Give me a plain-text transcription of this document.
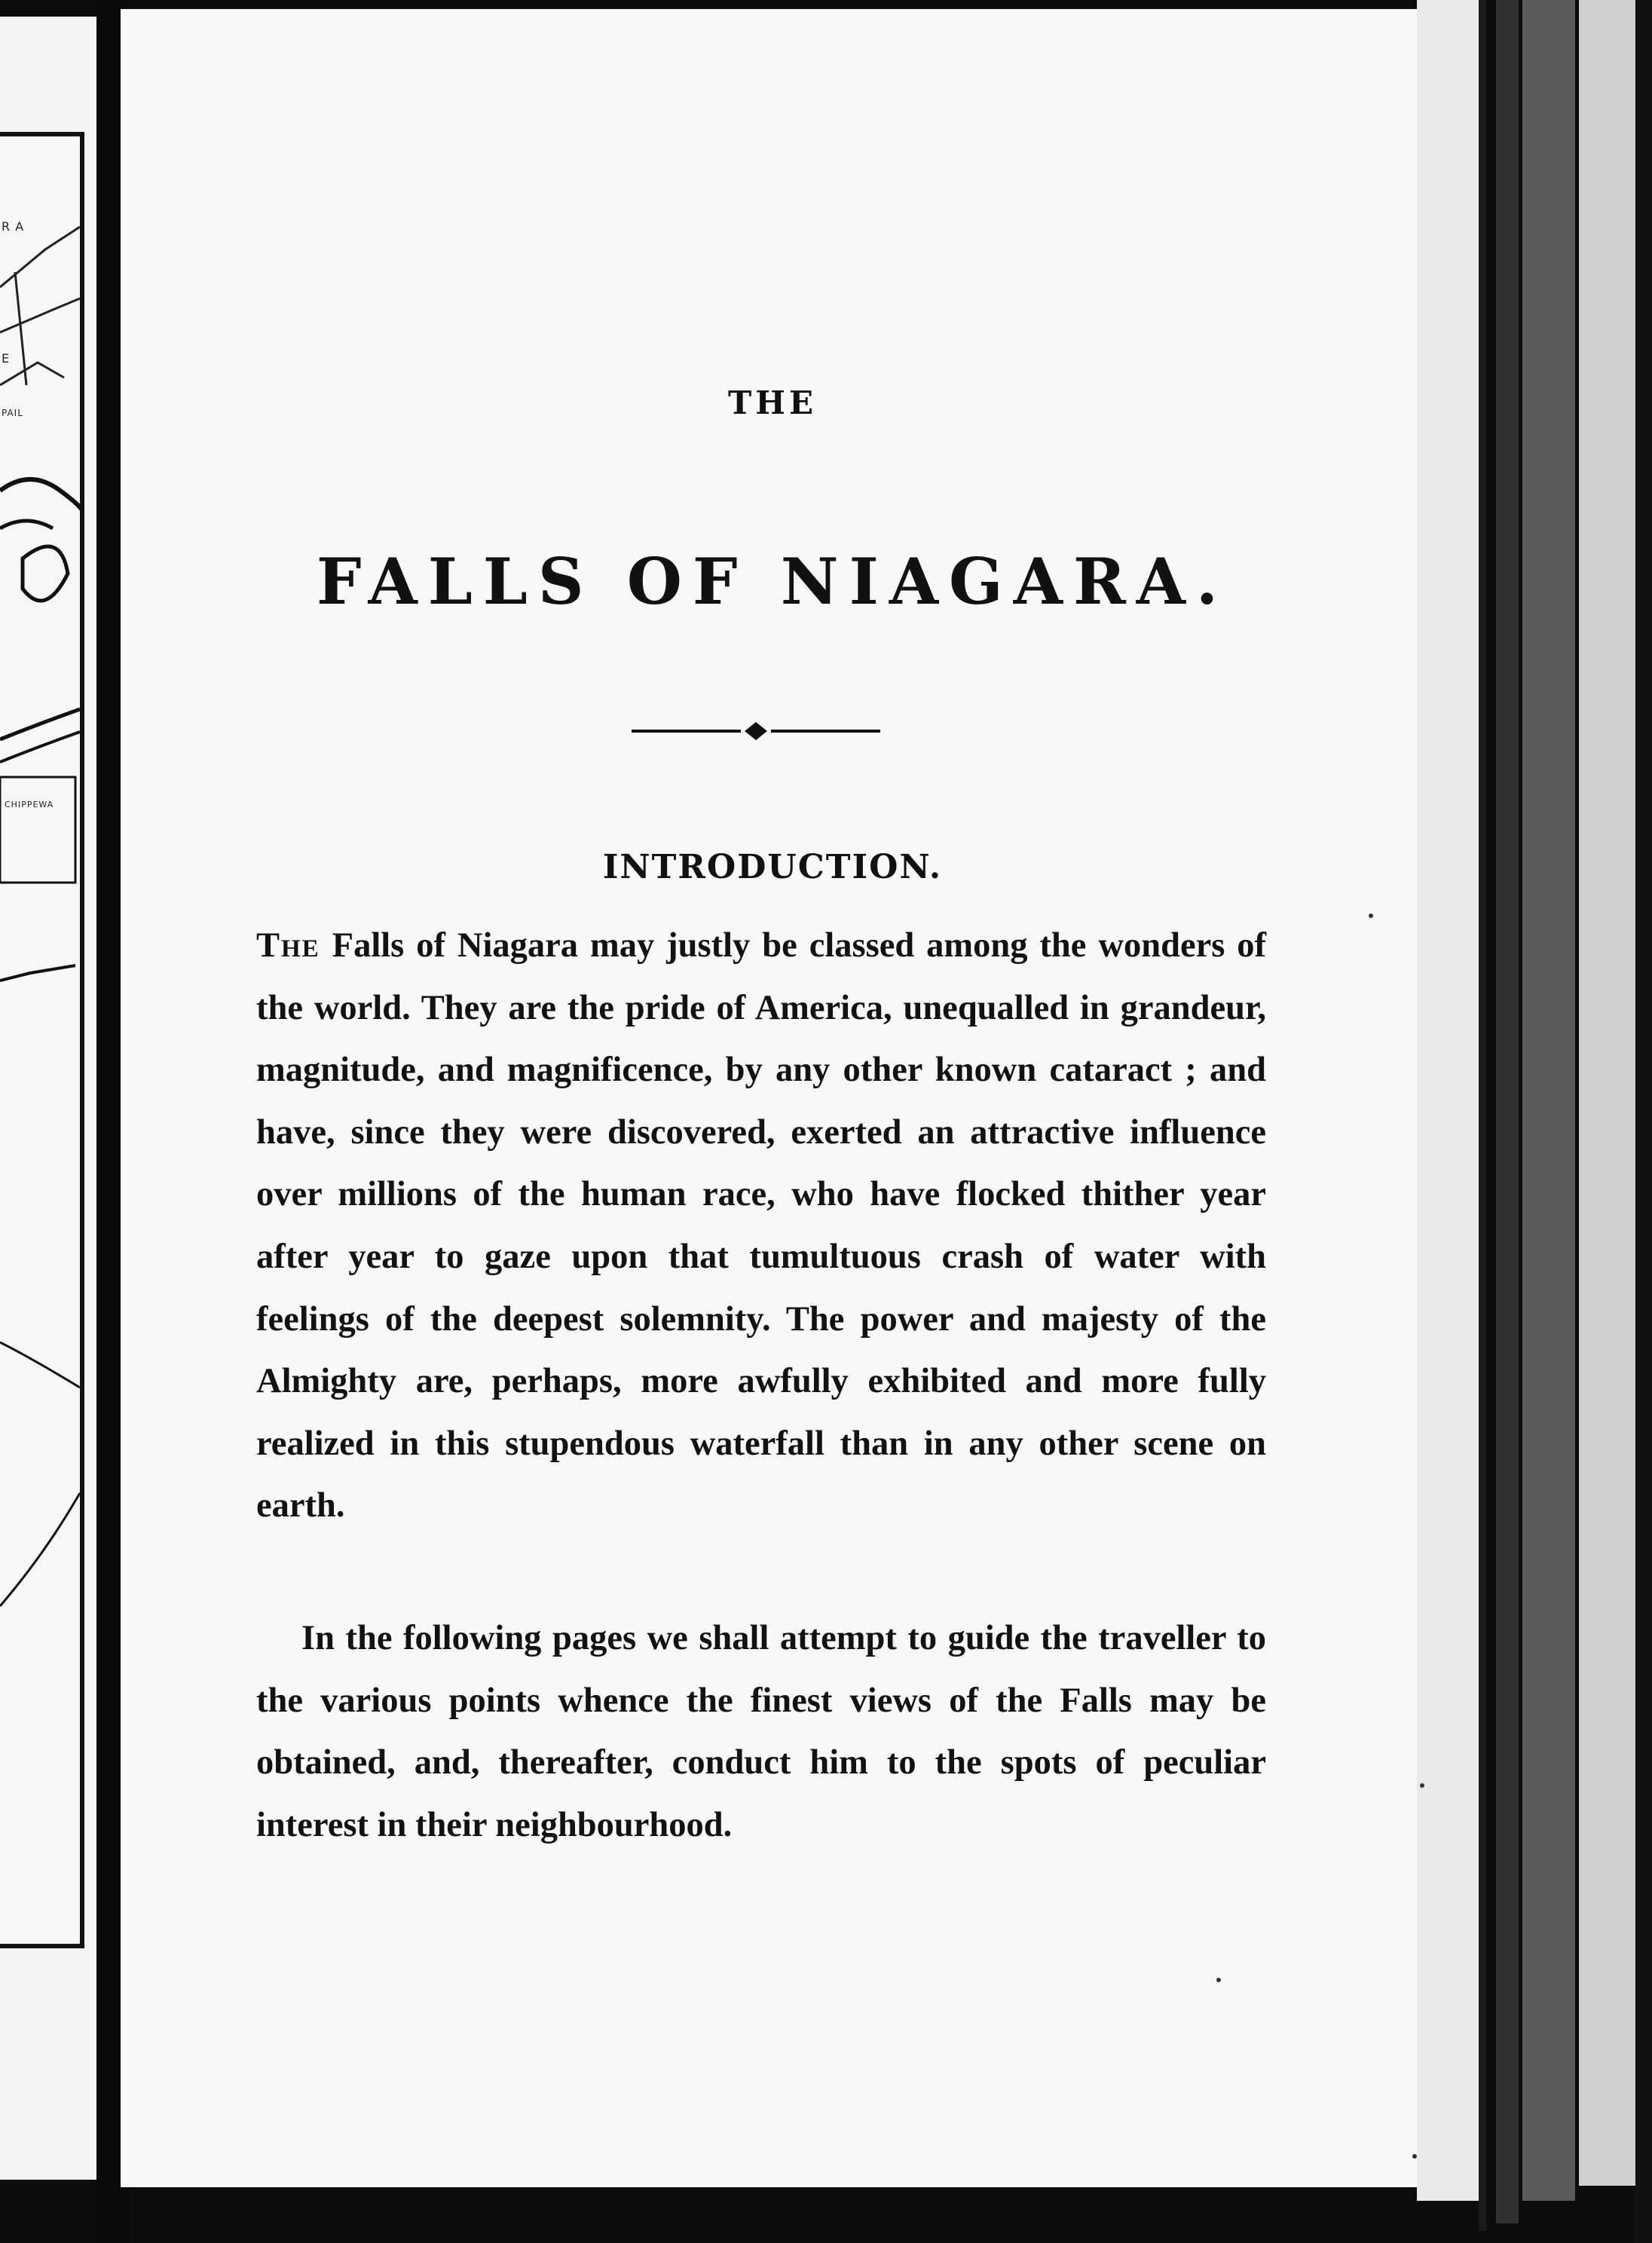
R A
E
PAIL
CHIPPEWA
THE
FALLS OF NIAGARA.
INTRODUCTION.
The Falls of Niagara may justly be classed among the wonders of the world. They are the pride of America, unequalled in grandeur, magnitude, and magnificence, by any other known cataract ; and have, since they were discovered, exerted an attractive influence over millions of the human race, who have flocked thither year after year to gaze upon that tumultuous crash of water with feelings of the deepest solemnity. The power and majesty of the Almighty are, perhaps, more awfully exhibited and more fully realized in this stupendous waterfall than in any other scene on earth.
In the following pages we shall attempt to guide the traveller to the various points whence the finest views of the Falls may be obtained, and, thereafter, conduct him to the spots of peculiar interest in their neighbourhood.
